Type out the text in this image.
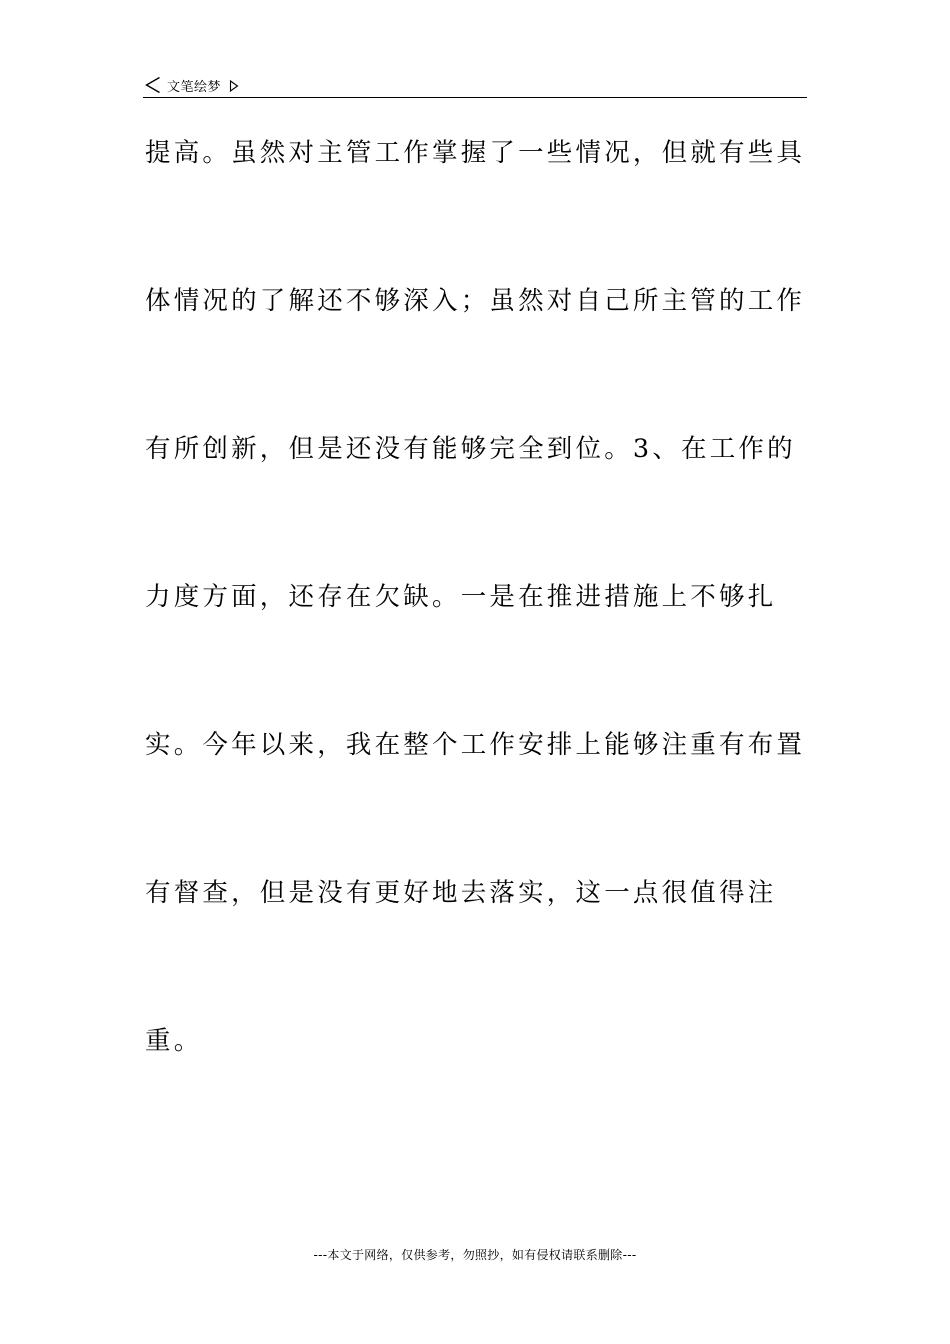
文笔绘梦
提高。虽然对主管工作掌握了一些情况，但就有些具
体情况的了解还不够深入；虽然对自己所主管的工作
有所创新，但是还没有能够完全到位。3、在工作的
力度方面，还存在欠缺。一是在推进措施上不够扎
实。今年以来，我在整个工作安排上能够注重有布置
有督查，但是没有更好地去落实，这一点很值得注
重。
---本文于网络，仅供参考，勿照抄，如有侵权请联系删除---
